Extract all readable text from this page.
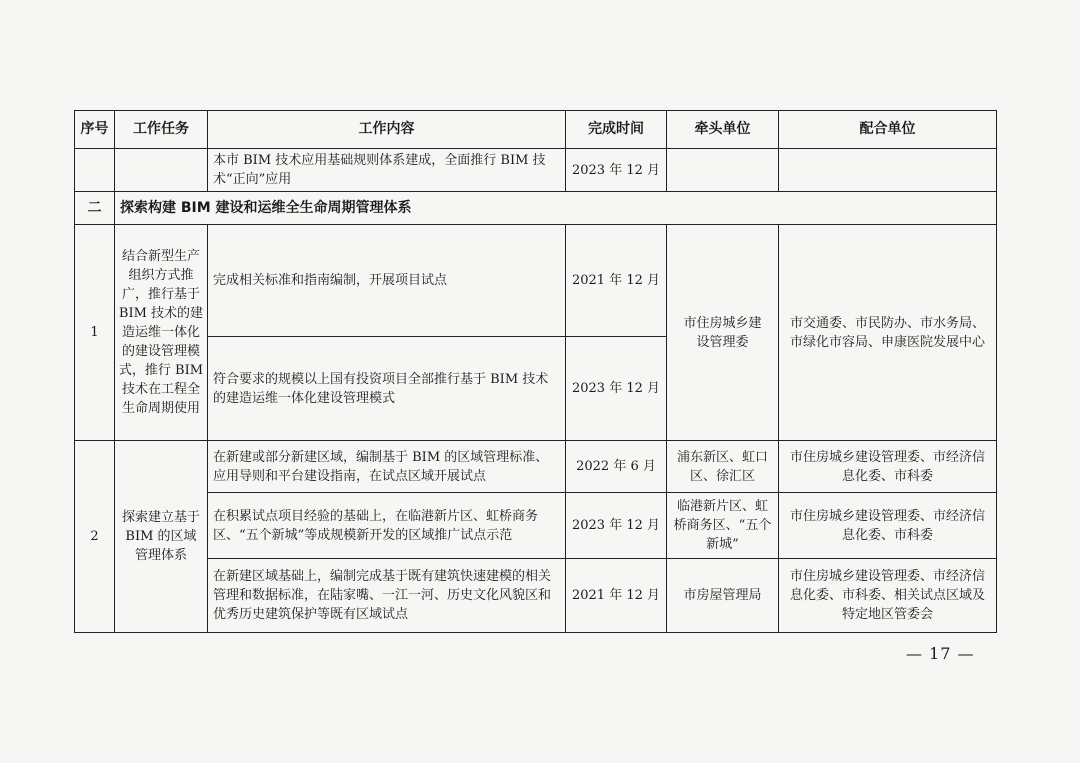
序号	工作任务	工作内容	完成时间	牵头单位	配合单位
		本市 BIM 技术应用基础规则体系建成，全面推行 BIM 技术“正向”应用	2023 年 12 月		
二	探索构建 BIM 建设和运维全生命周期管理体系				
1	结合新型生产组织方式推广，推行基于 BIM 技术的建造运维一体化的建设管理模式，推行 BIM 技术在工程全生命周期使用	完成相关标准和指南编制，开展项目试点	2021 年 12 月	市住房城乡建设管理委	市交通委、市民防办、市水务局、市绿化市容局、申康医院发展中心
		符合要求的规模以上国有投资项目全部推行基于 BIM 技术的建造运维一体化建设管理模式	2023 年 12 月		
2	探索建立基于 BIM 的区域管理体系	在新建或部分新建区域，编制基于 BIM 的区域管理标准、应用导则和平台建设指南，在试点区域开展试点	2022 年 6 月	浦东新区、虹口区、徐汇区	市住房城乡建设管理委、市经济信息化委、市科委
		在积累试点项目经验的基础上，在临港新片区、虹桥商务区、“五个新城”等成规模新开发的区域推广试点示范	2023 年 12 月	临港新片区、虹桥商务区、“五个新城”	市住房城乡建设管理委、市经济信息化委、市科委
		在新建区域基础上，编制完成基于既有建筑快速建模的相关管理和数据标准，在陆家嘴、一江一河、历史文化风貌区和优秀历史建筑保护等既有区域试点	2021 年 12 月	市房屋管理局	市住房城乡建设管理委、市经济信息化委、市科委、相关试点区域及特定地区管委会
— 17 —
